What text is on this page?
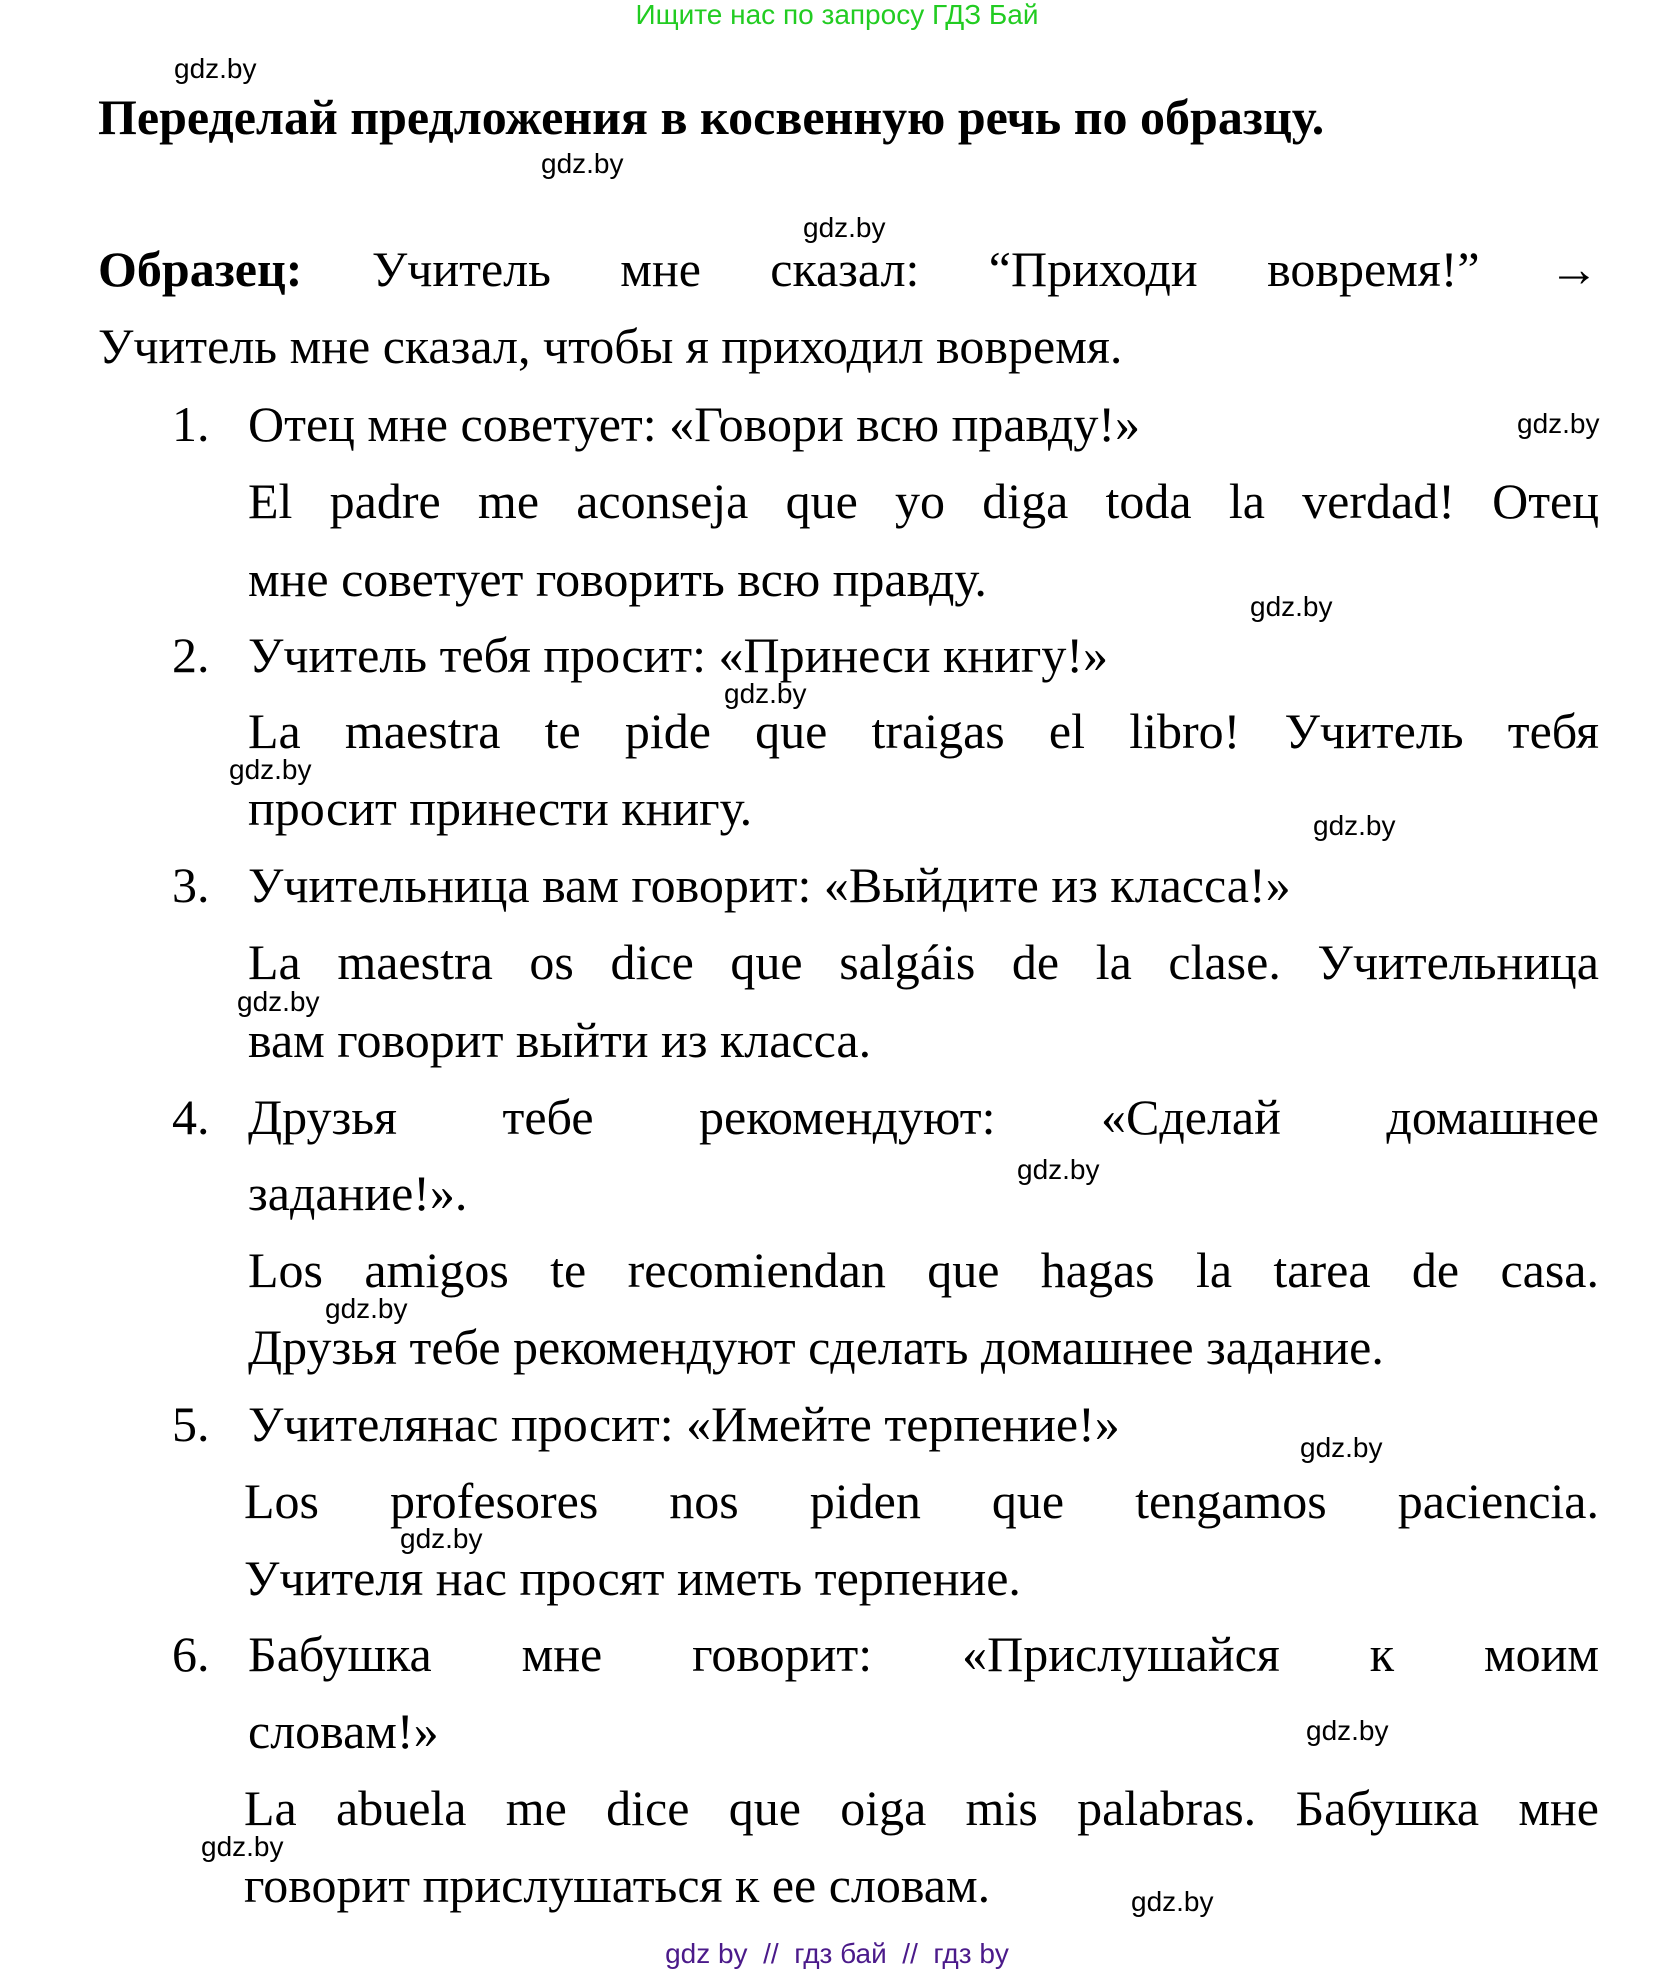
Ищите нас по запросу ГДЗ Бай
Переделай предложения в косвенную речь по образцу.
Образец: Учитель мне сказал: “Приходи вовремя!” →
Учитель мне сказал, чтобы я приходил вовремя.
1. Отец мне советует: «Говори всю правду!»
El padre me aconseja que yo diga toda la verdad! Отец
мне советует говорить всю правду.
2. Учитель тебя просит: «Принеси книгу!»
La maestra te pide que traigas el libro! Учитель тебя
просит принести книгу.
3. Учительница вам говорит: «Выйдите из класса!»
La maestra os dice que salgáis de la clase. Учительница
вам говорит выйти из класса.
4. Друзья тебе рекомендуют: «Сделай домашнее
задание!».
Los amigos te recomiendan que hagas la tarea de casa.
Друзья тебе рекомендуют сделать домашнее задание.
5. Учителянас просит: «Имейте терпение!»
Los profesores nos piden que tengamos paciencia.
Учителя нас просят иметь терпение.
6. Бабушка мне говорит: «Прислушайся к моим
словам!»
La abuela me dice que oiga mis palabras. Бабушка мне
говорит прислушаться к ее словам.
gdz.by
gdz.by
gdz.by
gdz.by
gdz.by
gdz.by
gdz.by
gdz.by
gdz.by
gdz.by
gdz.by
gdz.by
gdz.by
gdz.by
gdz.by
gdz.by
gdz by  //  гдз бай  //  гдз by
